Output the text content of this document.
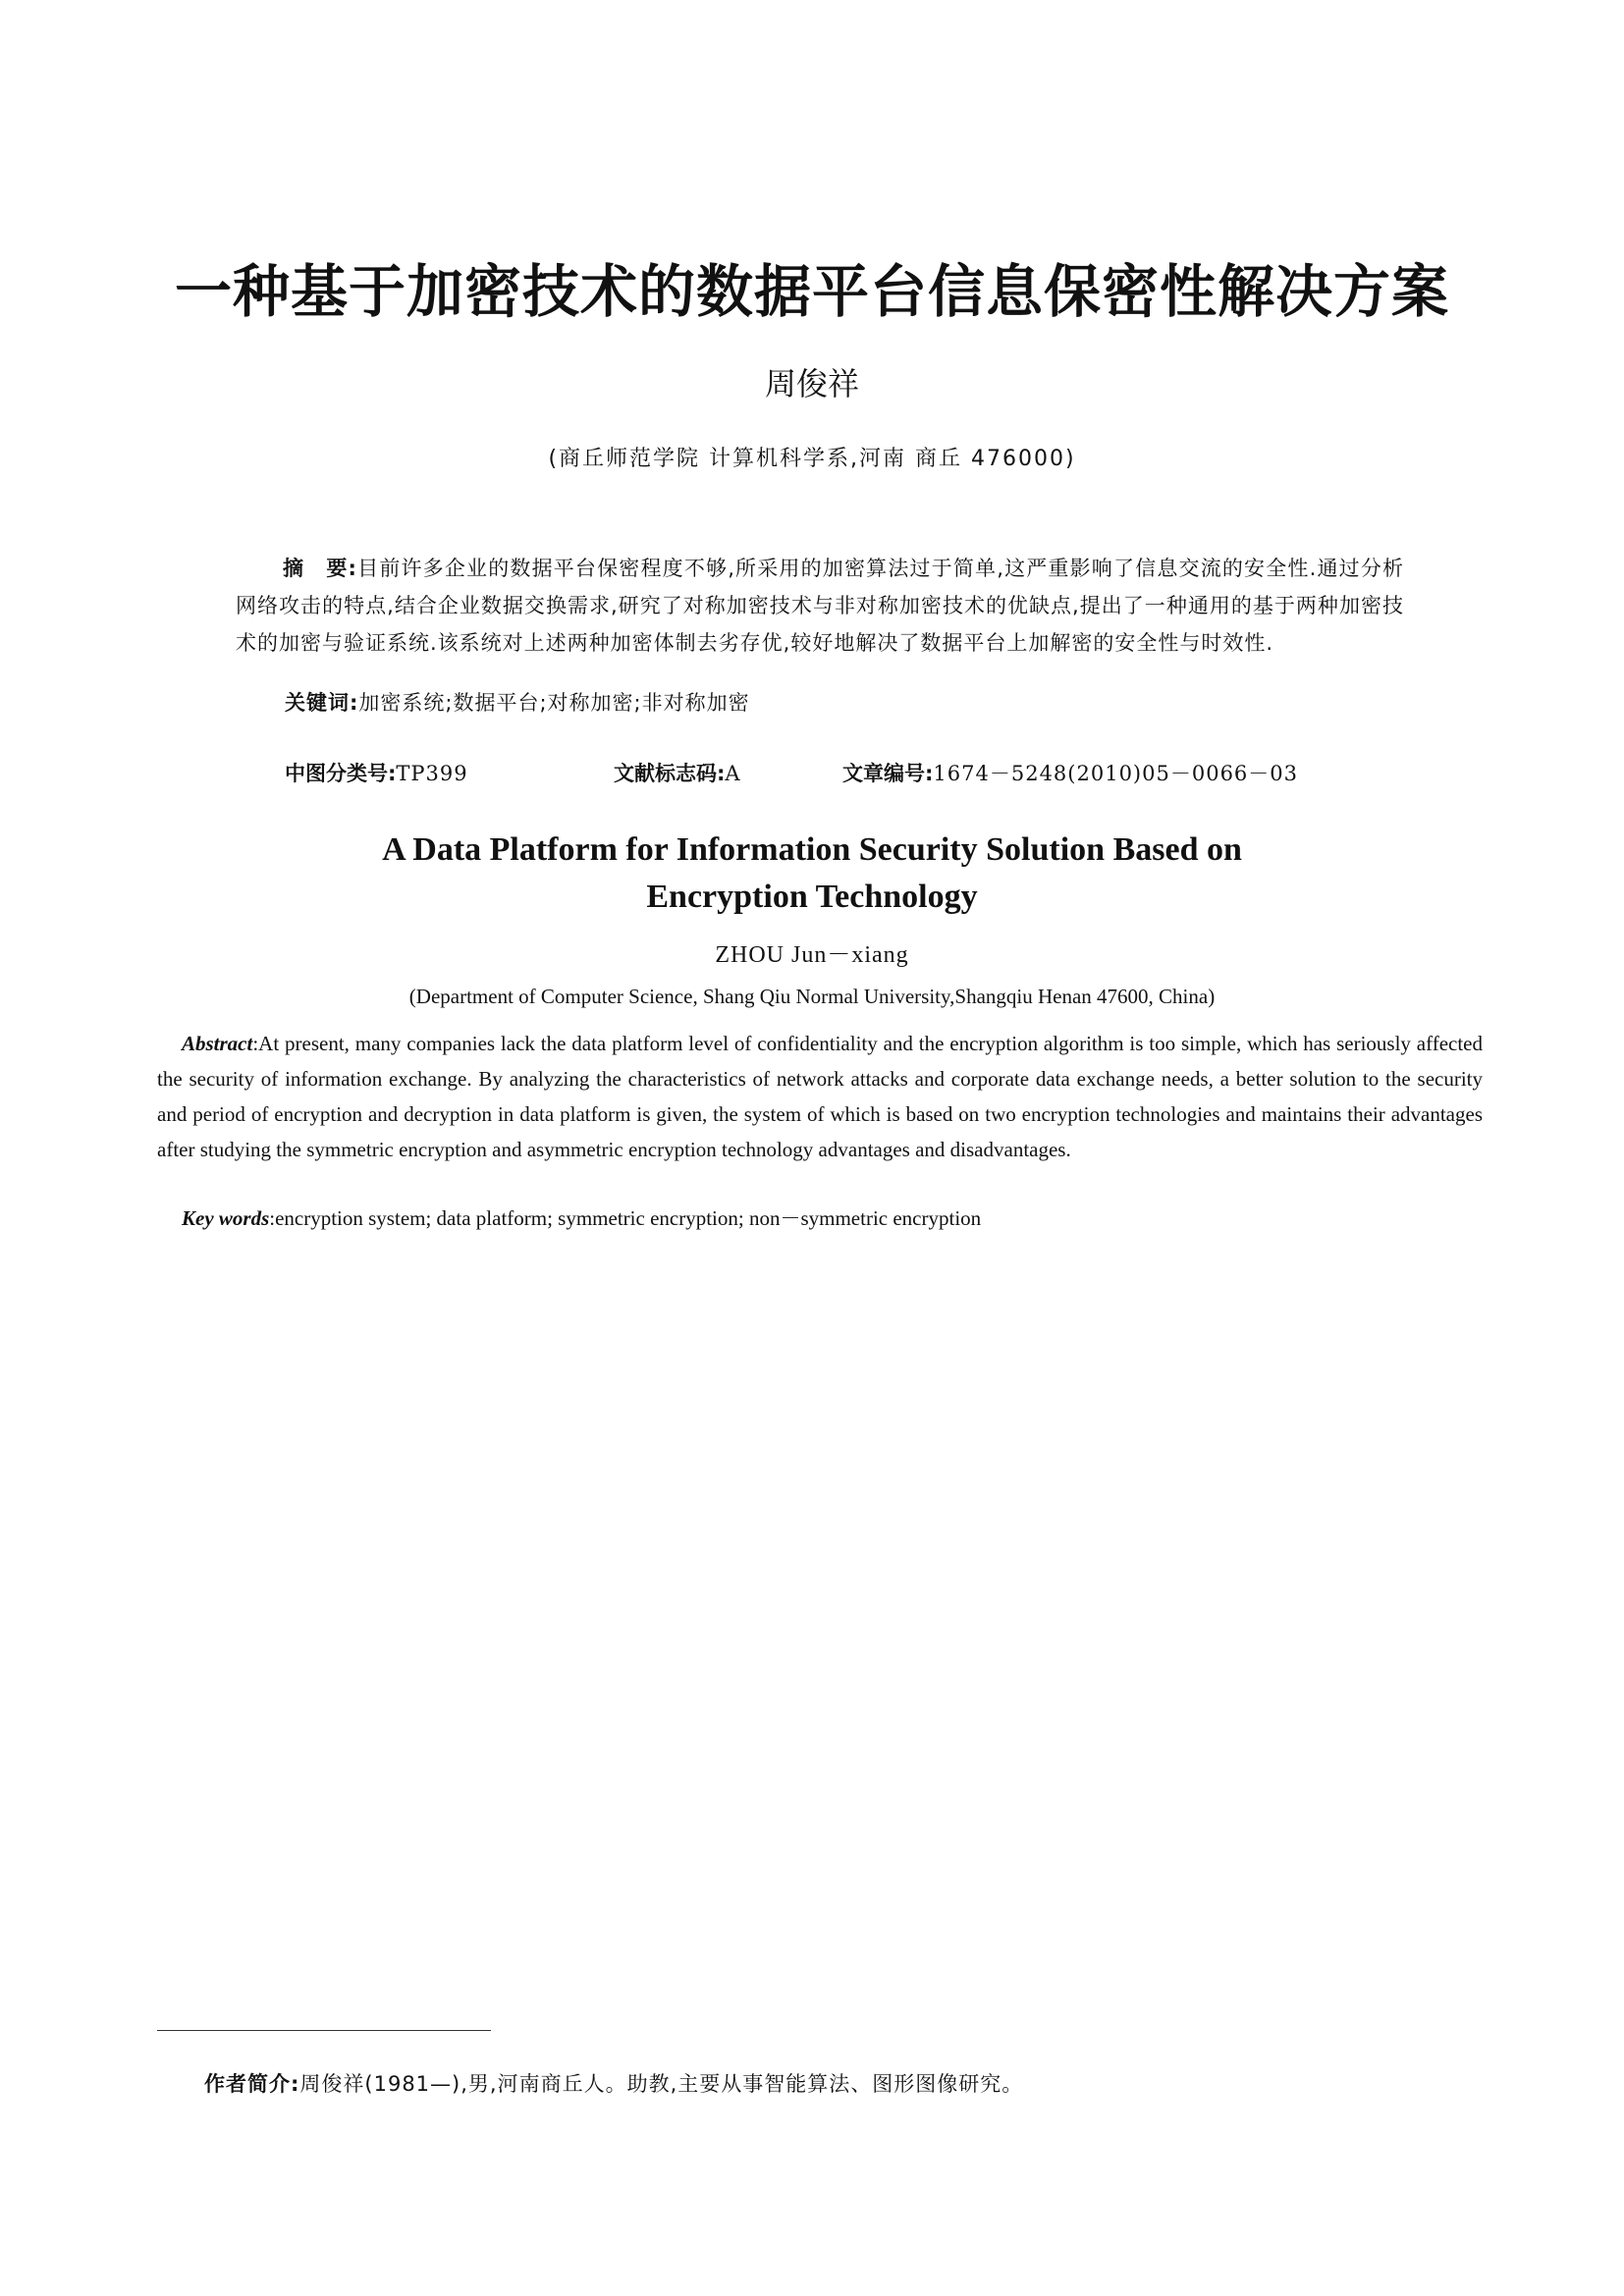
一种基于加密技术的数据平台信息保密性解决方案
周俊祥
(商丘师范学院 计算机科学系,河南 商丘 476000)
摘　要:目前许多企业的数据平台保密程度不够,所采用的加密算法过于简单,这严重影响了信息交流的安全性.通过分析网络攻击的特点,结合企业数据交换需求,研究了对称加密技术与非对称加密技术的优缺点,提出了一种通用的基于两种加密技术的加密与验证系统.该系统对上述两种加密体制去劣存优,较好地解决了数据平台上加解密的安全性与时效性.
关键词:加密系统;数据平台;对称加密;非对称加密
中图分类号:TP399	文献标志码:A	文章编号:1674－5248(2010)05－0066－03
A Data Platform for Information Security Solution Based on
Encryption Technology
ZHOU Jun－xiang
(Department of Computer Science, Shang Qiu Normal University,Shangqiu Henan 47600, China)
Abstract:At present, many companies lack the data platform level of confidentiality and the encryption algorithm is too simple, which has seriously affected the security of information exchange. By analyzing the characteristics of network attacks and corporate data exchange needs, a better solution to the security and period of encryption and decryption in data platform is given, the system of which is based on two encryption technologies and maintains their advantages after studying the symmetric encryption and asymmetric encryption technology advantages and disadvantages.
Key words:encryption system; data platform; symmetric encryption; non－symmetric encryption
作者简介:周俊祥(1981—),男,河南商丘人。助教,主要从事智能算法、图形图像研究。
